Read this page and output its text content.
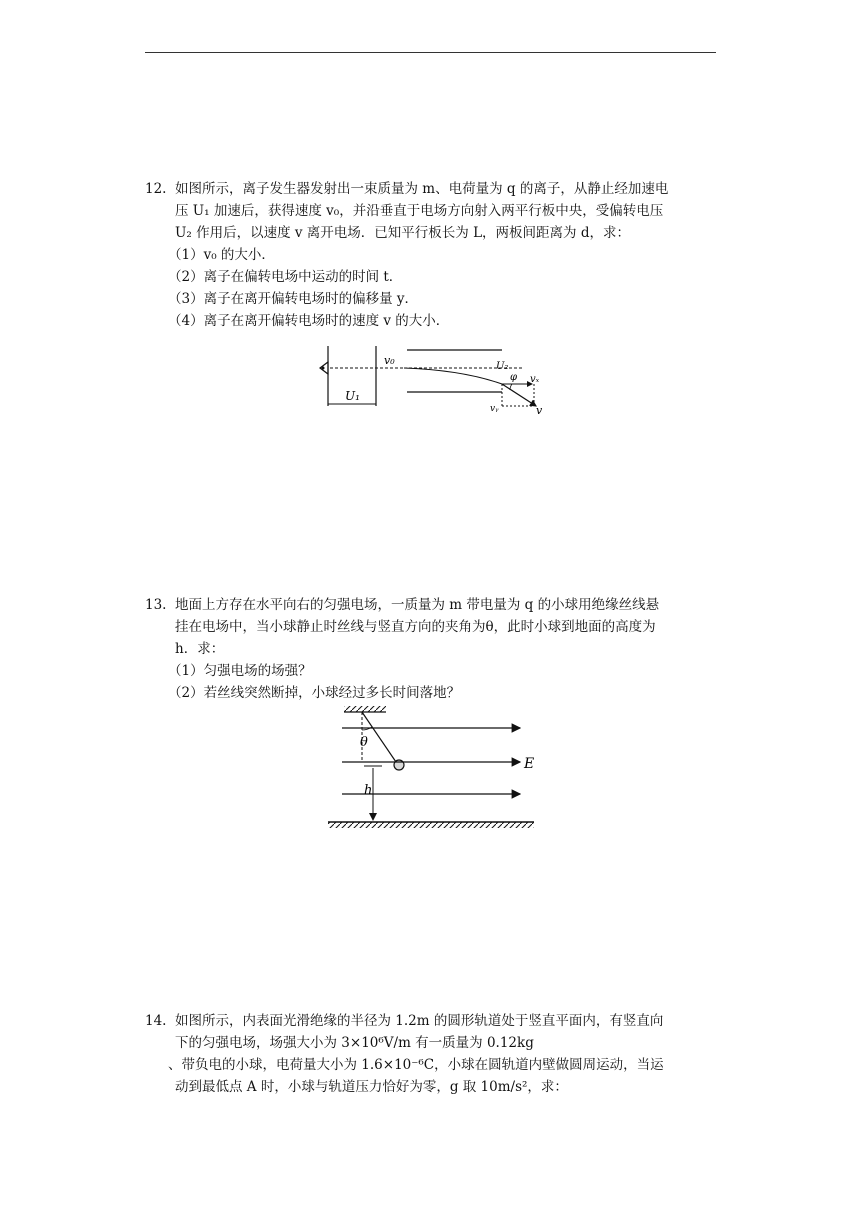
12. 如图所示，离子发生器发射出一束质量为 m、电荷量为 q 的离子，从静止经加速电
压 U₁ 加速后，获得速度 v₀，并沿垂直于电场方向射入两平行板中央，受偏转电压
U₂ 作用后，以速度 v 离开电场．已知平行板长为 L，两板间距离为 d，求：
（1）v₀ 的大小．
（2）离子在偏转电场中运动的时间 t．
（3）离子在离开偏转电场时的偏移量 y．
（4）离子在离开偏转电场时的速度 v 的大小．
U₁
v₀	U₂
φ vₓ
vᵧ	v
13. 地面上方存在水平向右的匀强电场，一质量为 m 带电量为 q 的小球用绝缘丝线悬
挂在电场中，当小球静止时丝线与竖直方向的夹角为θ，此时小球到地面的高度为
h．求：
（1）匀强电场的场强？
（2）若丝线突然断掉，小球经过多长时间落地？
θ
E
h
14. 如图所示，内表面光滑绝缘的半径为 1.2m 的圆形轨道处于竖直平面内，有竖直向
下的匀强电场，场强大小为 3×10⁶V/m 有一质量为 0.12kg
、带负电的小球，电荷量大小为 1.6×10⁻⁶C，小球在圆轨道内壁做圆周运动，当运
动到最低点 A 时，小球与轨道压力恰好为零，g 取 10m/s²，求：
